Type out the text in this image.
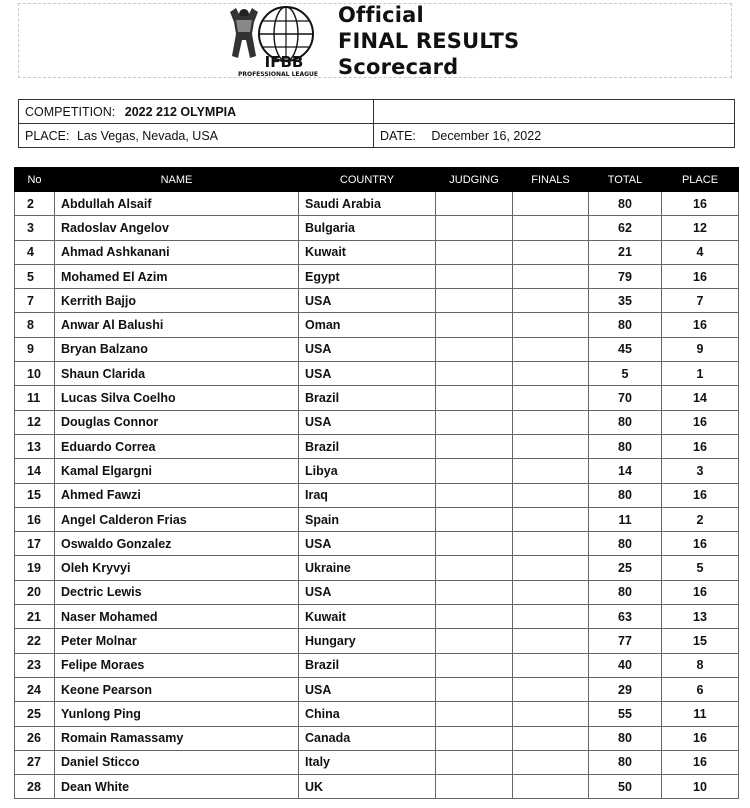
IFBB
PROFESSIONAL LEAGUE
Official
FINAL RESULTS
Scorecard
COMPETITION: 2022 212 OLYMPIA	
PLACE: Las Vegas, Nevada, USA	DATE: December 16, 2022
No	NAME	COUNTRY	JUDGING	FINALS	TOTAL	PLACE
2	Abdullah Alsaif	Saudi Arabia			80	16
3	Radoslav Angelov	Bulgaria			62	12
4	Ahmad Ashkanani	Kuwait			21	4
5	Mohamed El Azim	Egypt			79	16
7	Kerrith Bajjo	USA			35	7
8	Anwar Al Balushi	Oman			80	16
9	Bryan Balzano	USA			45	9
10	Shaun Clarida	USA			5	1
11	Lucas Silva Coelho	Brazil			70	14
12	Douglas Connor	USA			80	16
13	Eduardo Correa	Brazil			80	16
14	Kamal Elgargni	Libya			14	3
15	Ahmed Fawzi	Iraq			80	16
16	Angel Calderon Frias	Spain			11	2
17	Oswaldo Gonzalez	USA			80	16
19	Oleh Kryvyi	Ukraine			25	5
20	Dectric Lewis	USA			80	16
21	Naser Mohamed	Kuwait			63	13
22	Peter Molnar	Hungary			77	15
23	Felipe Moraes	Brazil			40	8
24	Keone Pearson	USA			29	6
25	Yunlong Ping	China			55	11
26	Romain Ramassamy	Canada			80	16
27	Daniel Sticco	Italy			80	16
28	Dean White	UK			50	10
